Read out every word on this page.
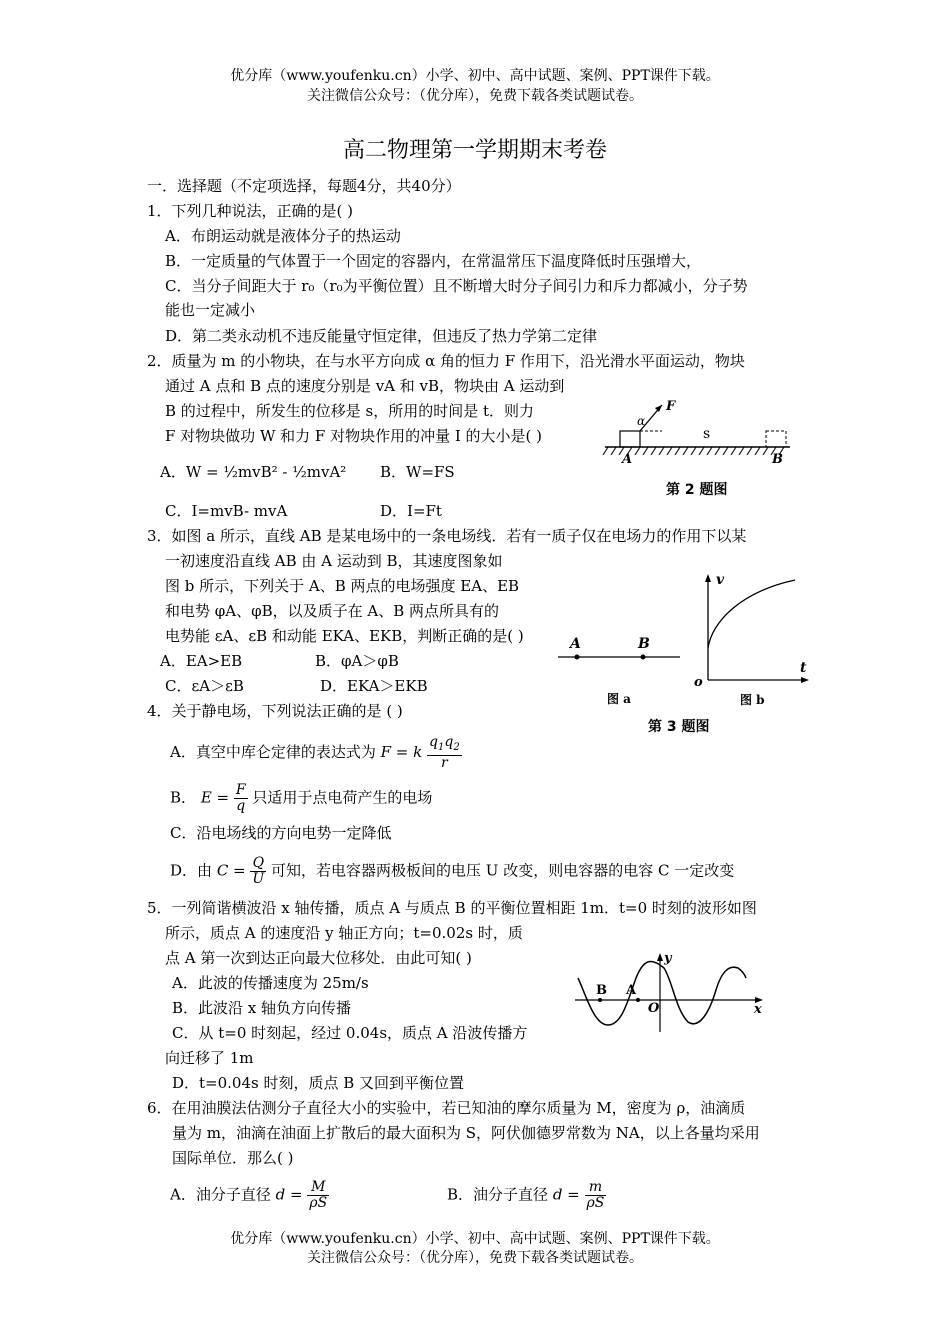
优分库（www.youfenku.cn）小学、初中、高中试题、案例、PPT课件下载。
关注微信公众号：（优分库），免费下载各类试题试卷。
高二物理第一学期期末考卷
一．选择题（不定项选择，每题4分，共40分）
1．下列几种说法，正确的是( )
A．布朗运动就是液体分子的热运动
B．一定质量的气体置于一个固定的容器内，在常温常压下温度降低时压强增大，
C．当分子间距大于 r₀（r₀为平衡位置）且不断增大时分子间引力和斥力都减小，分子势
能也一定减小
D．第二类永动机不违反能量守恒定律，但违反了热力学第二定律
2．质量为 m 的小物块，在与水平方向成 α 角的恒力 F 作用下，沿光滑水平面运动，物块
通过 A 点和 B 点的速度分别是 vA 和 vB，物块由 A 运动到
B 的过程中，所发生的位移是 s，所用的时间是 t．则力
F 对物块做功 W 和力 F 对物块作用的冲量 I 的大小是( )
A．W = ½mvB² - ½mvA² B．W=FS
C．I=mvB- mvA	D．I=Ft
F
α
s
A	B
第 2 题图
3．如图 a 所示，直线 AB 是某电场中的一条电场线．若有一质子仅在电场力的作用下以某
一初速度沿直线 AB 由 A 运动到 B，其速度图象如
图 b 所示，下列关于 A、B 两点的电场强度 EA、EB
和电势 φA、φB，以及质子在 A、B 两点所具有的
电势能 εA、εB 和动能 EKA、EKB，判断正确的是( )
A．EA>EB	B．φA＞φB
C．εA＞εB	D．EKA＞EKB
A	B
图 a
v
t
o
图 b
第 3 题图
4．关于静电场，下列说法正确的是 ( )
A．真空中库仑定律的表达式为 F = k $\frac{q_1q_2}{r}$
B． $E = \frac{F}{q}$ 只适用于点电荷产生的电场
C．沿电场线的方向电势一定降低
D．由 $C = \frac{Q}{U}$ 可知，若电容器两极板间的电压 U 改变，则电容器的电容 C 一定改变
5．一列简谐横波沿 x 轴传播，质点 A 与质点 B 的平衡位置相距 1m．t=0 时刻的波形如图
所示，质点 A 的速度沿 y 轴正方向；t=0.02s 时，质
点 A 第一次到达正向最大位移处．由此可知( )
A．此波的传播速度为 25m/s
B．此波沿 x 轴负方向传播
C．从 t=0 时刻起，经过 0.04s，质点 A 沿波传播方
向迁移了 1m
D．t=0.04s 时刻，质点 B 又回到平衡位置
B A
O
y
x
6．在用油膜法估测分子直径大小的实验中，若已知油的摩尔质量为 M，密度为 ρ，油滴质
量为 m，油滴在油面上扩散后的最大面积为 S，阿伏伽德罗常数为 NA，以上各量均采用
国际单位．那么( )
A．油分子直径 $d = \frac{M}{\rho S}$	B．油分子直径 $d = \frac{m}{\rho S}$
优分库（www.youfenku.cn）小学、初中、高中试题、案例、PPT课件下载。
关注微信公众号：（优分库），免费下载各类试题试卷。
